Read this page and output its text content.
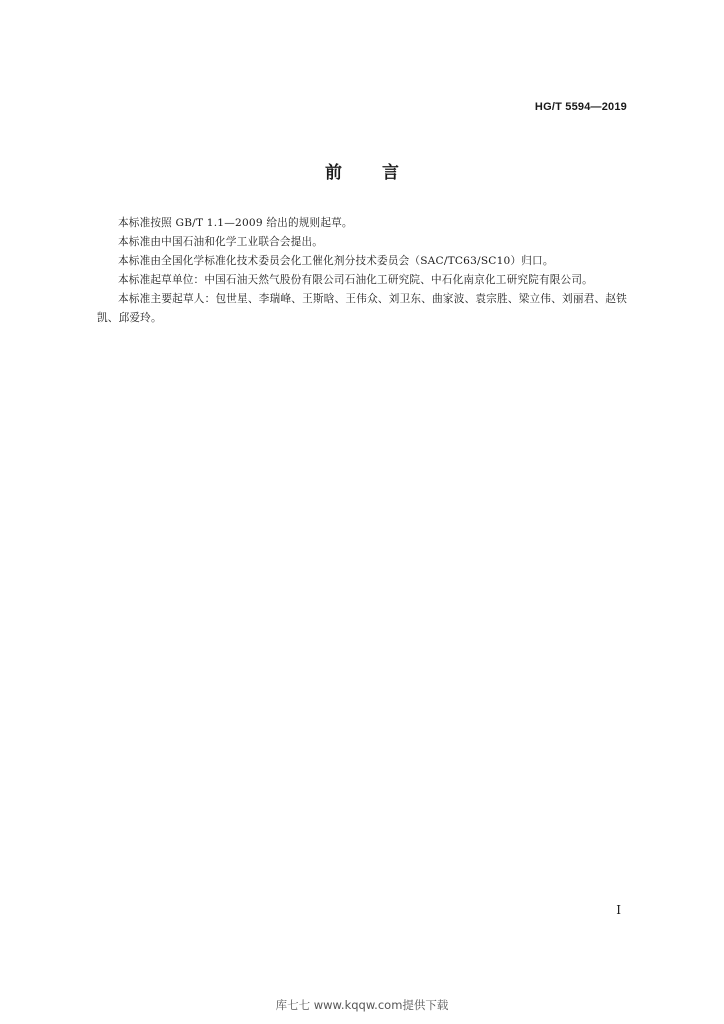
HG/T 5594—2019
前言

本标准按照 GB/T 1.1—2009 给出的规则起草。

本标准由中国石油和化学工业联合会提出。

本标准由全国化学标准化技术委员会化工催化剂分技术委员会（SAC/TC63/SC10）归口。

本标准起草单位：中国石油天然气股份有限公司石油化工研究院、中石化南京化工研究院有限公司。

本标准主要起草人：包世星、李瑞峰、王斯晗、王伟众、刘卫东、曲家波、袁宗胜、梁立伟、刘丽君、赵铁凯、邱爱玲。

I
库七七 www.kqqw.com提供下载
